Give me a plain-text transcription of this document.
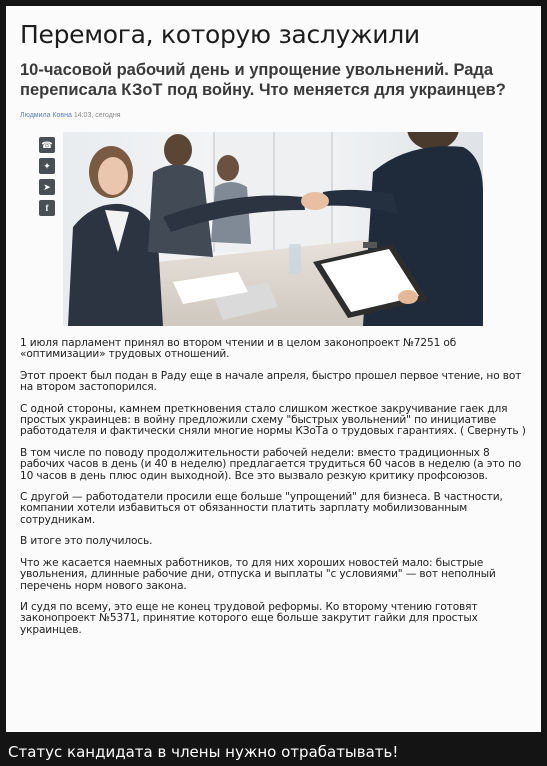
Перемога, которую заслужили
10-часовой рабочий день и упрощение увольнений. Рада переписала КЗоТ под войну. Что меняется для украинцев?
Людмила Ковна 14:03, сегодня
☎
✦
➤
f

1 июля парламент принял во втором чтении и в целом законопроект №7251 об «оптимизации» трудовых отношений.

Этот проект был подан в Раду еще в начале апреля, быстро прошел первое чтение, но вот на втором застопорился.

С одной стороны, камнем преткновения стало слишком жесткое закручивание гаек для простых украинцев: в войну предложили схему "быстрых увольнений" по инициативе работодателя и фактически сняли многие нормы КЗоТа о трудовых гарантиях. ( Свернуть )

В том числе по поводу продолжительности рабочей недели: вместо традиционных 8 рабочих часов в день (и 40 в неделю) предлагается трудиться 60 часов в неделю (а это по 10 часов в день плюс один выходной). Все это вызвало резкую критику профсоюзов.

С другой — работодатели просили еще больше "упрощений" для бизнеса. В частности, компании хотели избавиться от обязанности платить зарплату мобилизованным сотрудникам.

В итоге это получилось.

Что же касается наемных работников, то для них хороших новостей мало: быстрые увольнения, длинные рабочие дни, отпуска и выплаты "с условиями" — вот неполный перечень норм нового закона.

И судя по всему, это еще не конец трудовой реформы. Ко второму чтению готовят законопроект №5371, принятие которого еще больше закрутит гайки для простых украинцев.

Статус кандидата в члены нужно отрабатывать!
